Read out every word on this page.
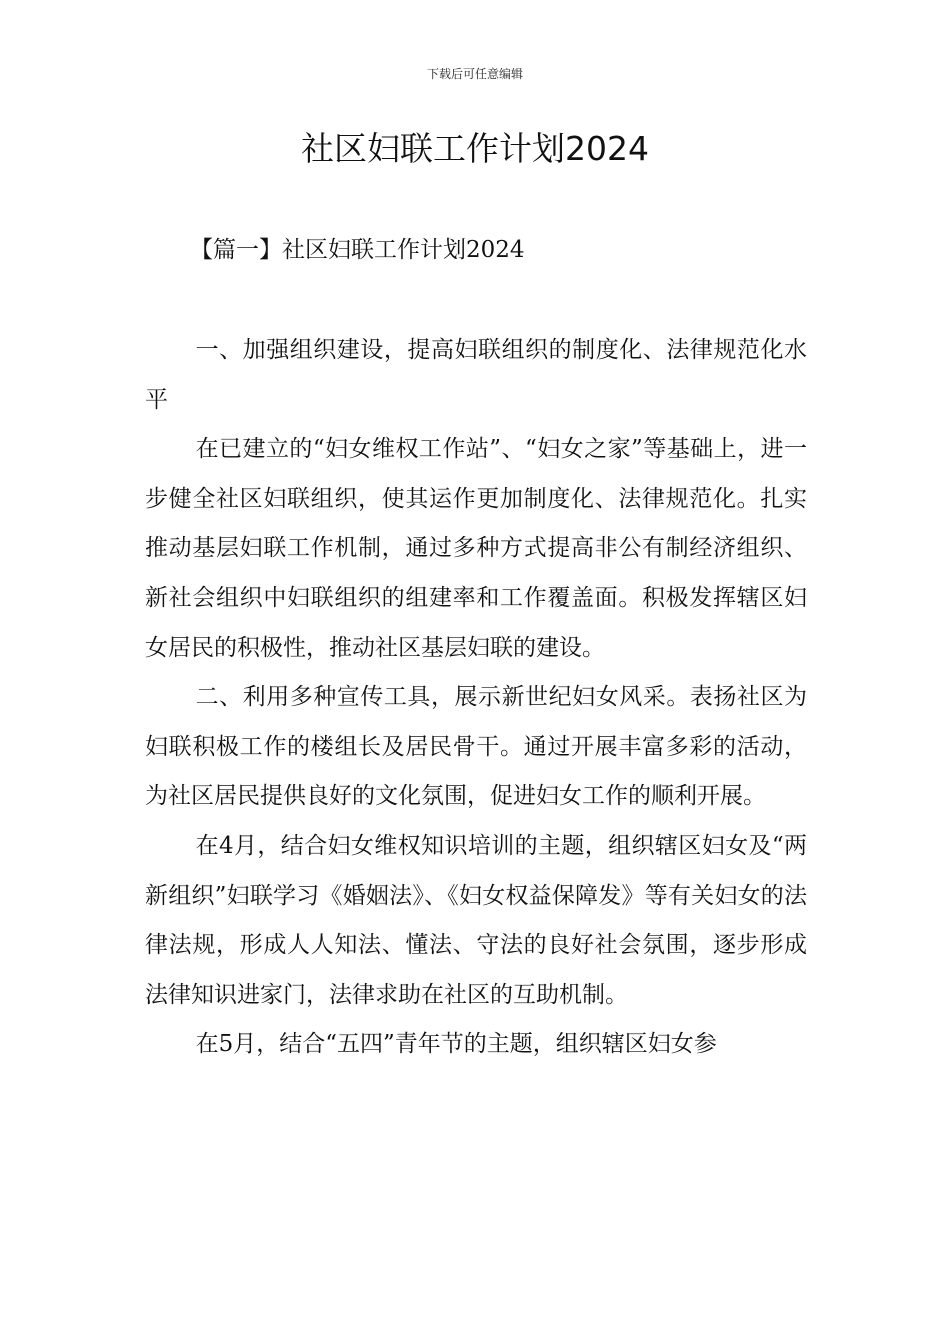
下载后可任意编辑
社区妇联工作计划2024
【篇一】社区妇联工作计划2024

一、加强组织建设，提高妇联组织的制度化、法律规范化水平

在已建立的“妇女维权工作站”、“妇女之家”等基础上，进一步健全社区妇联组织，使其运作更加制度化、法律规范化。扎实推动基层妇联工作机制，通过多种方式提高非公有制经济组织、新社会组织中妇联组织的组建率和工作覆盖面。积极发挥辖区妇女居民的积极性，推动社区基层妇联的建设。

二、利用多种宣传工具，展示新世纪妇女风采。表扬社区为妇联积极工作的楼组长及居民骨干。通过开展丰富多彩的活动，为社区居民提供良好的文化氛围，促进妇女工作的顺利开展。

在4月，结合妇女维权知识培训的主题，组织辖区妇女及“两新组织”妇联学习《婚姻法》、《妇女权益保障发》等有关妇女的法律法规，形成人人知法、懂法、守法的良好社会氛围，逐步形成法律知识进家门，法律求助在社区的互助机制。

在5月，结合“五四”青年节的主题，组织辖区妇女参
